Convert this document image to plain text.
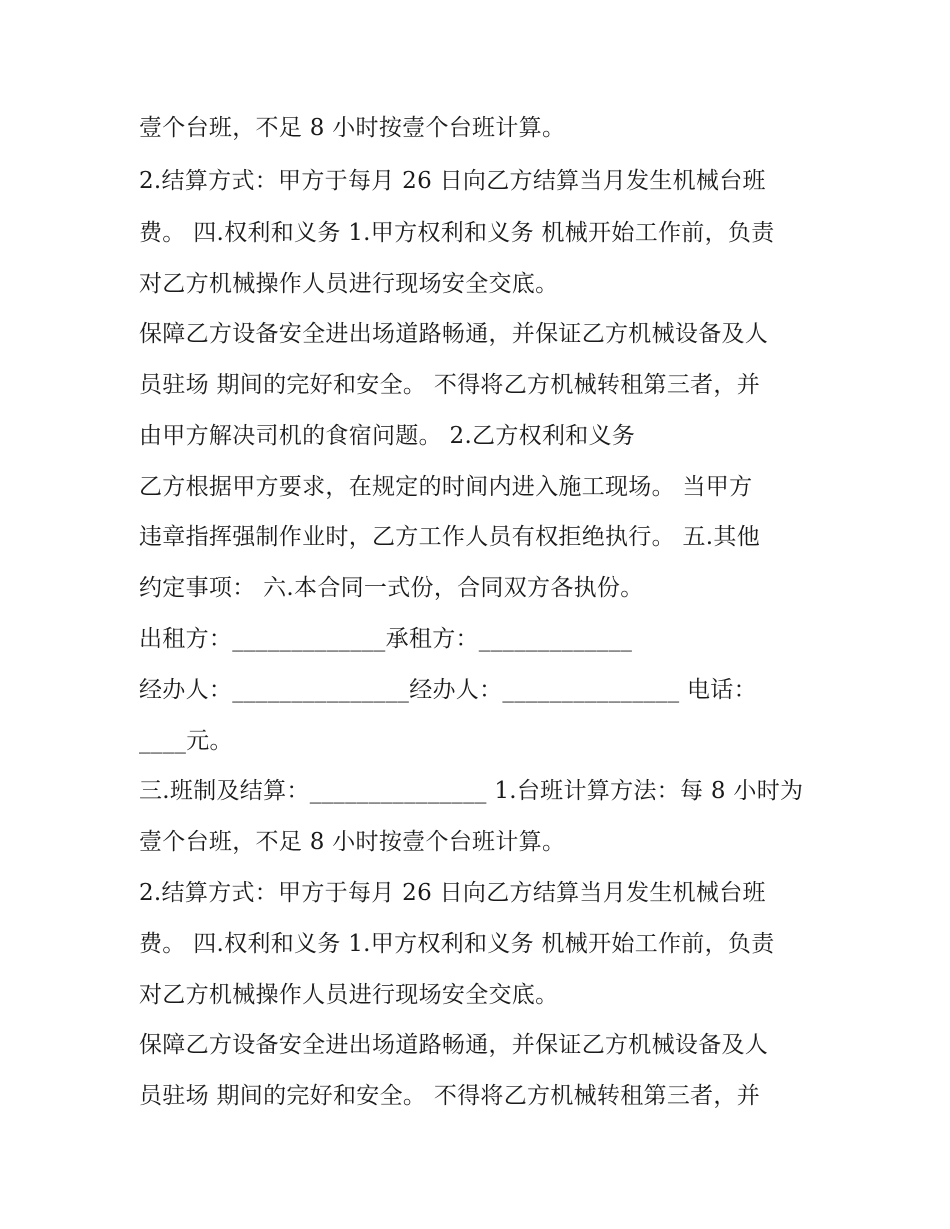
壹个台班，不足 8 小时按壹个台班计算。
2.结算方式：甲方于每月 26 日向乙方结算当月发生机械台班
费。 四.权利和义务 1.甲方权利和义务 机械开始工作前，负责
对乙方机械操作人员进行现场安全交底。
保障乙方设备安全进出场道路畅通，并保证乙方机械设备及人
员驻场 期间的完好和安全。 不得将乙方机械转租第三者，并
由甲方解决司机的食宿问题。 2.乙方权利和义务
乙方根据甲方要求，在规定的时间内进入施工现场。 当甲方
违章指挥强制作业时，乙方工作人员有权拒绝执行。 五.其他
约定事项： 六.本合同一式份，合同双方各执份。
出租方：_____________承租方：_____________
经办人：_______________经办人：_______________ 电话：
____元。
三.班制及结算：_______________ 1.台班计算方法：每 8 小时为
壹个台班，不足 8 小时按壹个台班计算。
2.结算方式：甲方于每月 26 日向乙方结算当月发生机械台班
费。 四.权利和义务 1.甲方权利和义务 机械开始工作前，负责
对乙方机械操作人员进行现场安全交底。
保障乙方设备安全进出场道路畅通，并保证乙方机械设备及人
员驻场 期间的完好和安全。 不得将乙方机械转租第三者，并
